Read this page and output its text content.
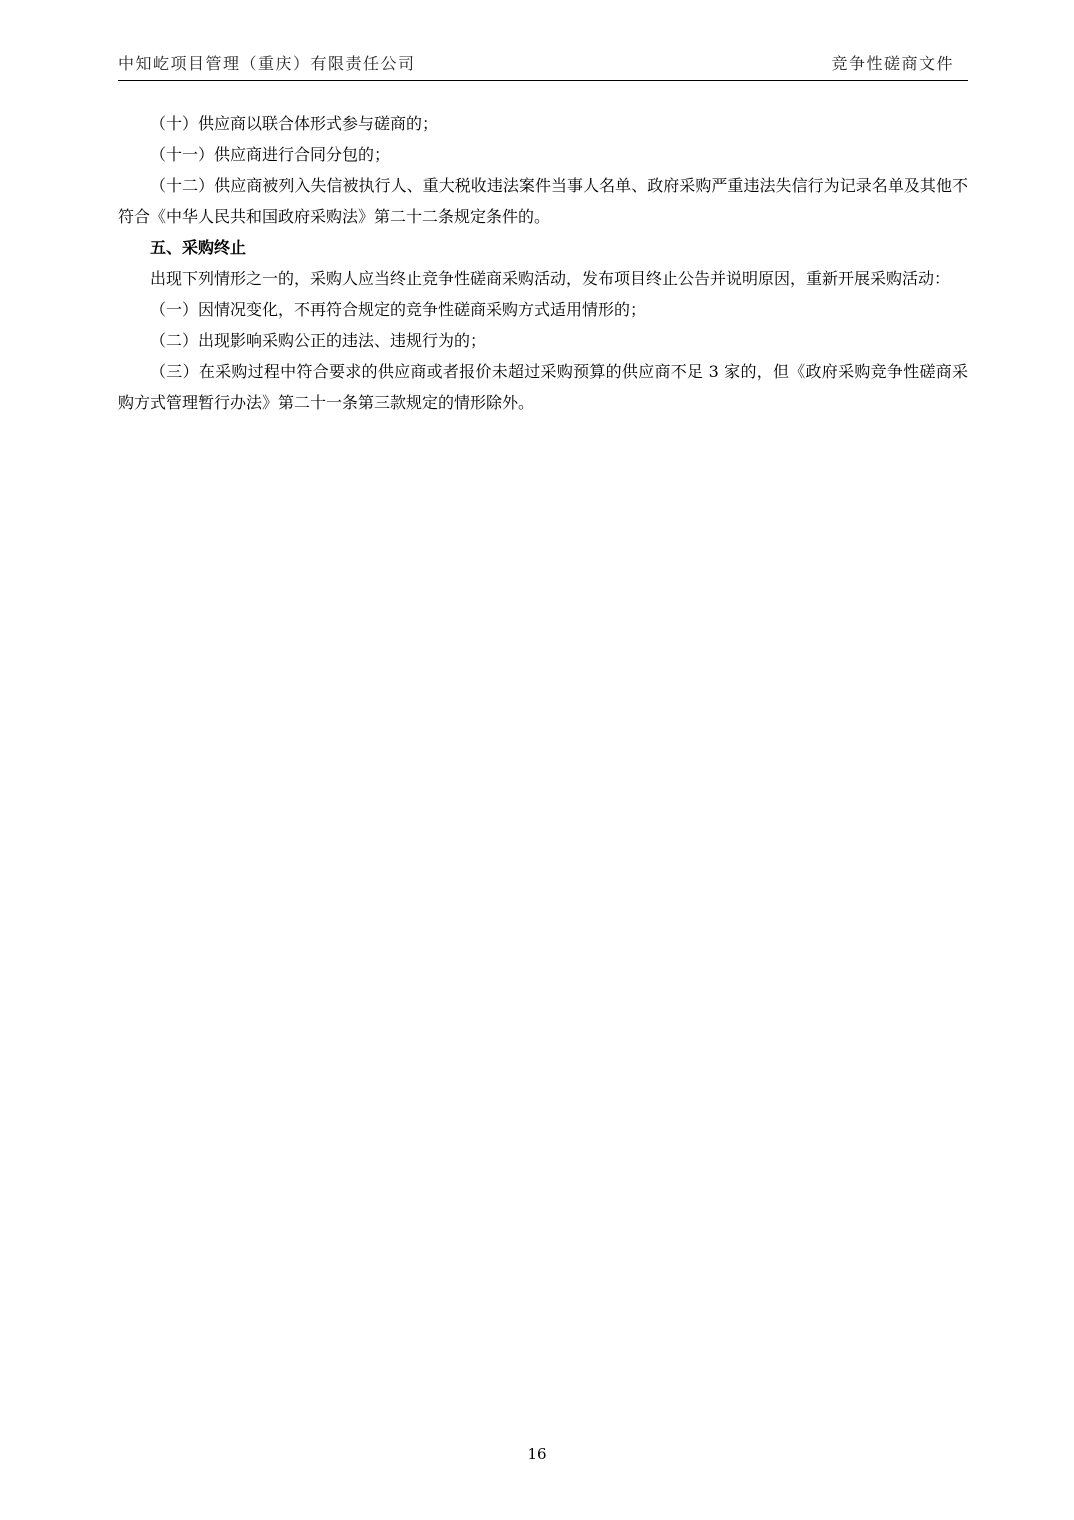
中知屹项目管理（重庆）有限责任公司	竞争性磋商文件

（十）供应商以联合体形式参与磋商的；

（十一）供应商进行合同分包的；

（十二）供应商被列入失信被执行人、重大税收违法案件当事人名单、政府采购严重违法失信行为记录名单及其他不符合《中华人民共和国政府采购法》第二十二条规定条件的。

五、采购终止

出现下列情形之一的，采购人应当终止竞争性磋商采购活动，发布项目终止公告并说明原因，重新开展采购活动：

（一）因情况变化，不再符合规定的竞争性磋商采购方式适用情形的；

（二）出现影响采购公正的违法、违规行为的；

（三）在采购过程中符合要求的供应商或者报价未超过采购预算的供应商不足 3 家的，但《政府采购竞争性磋商采购方式管理暂行办法》第二十一条第三款规定的情形除外。

16
